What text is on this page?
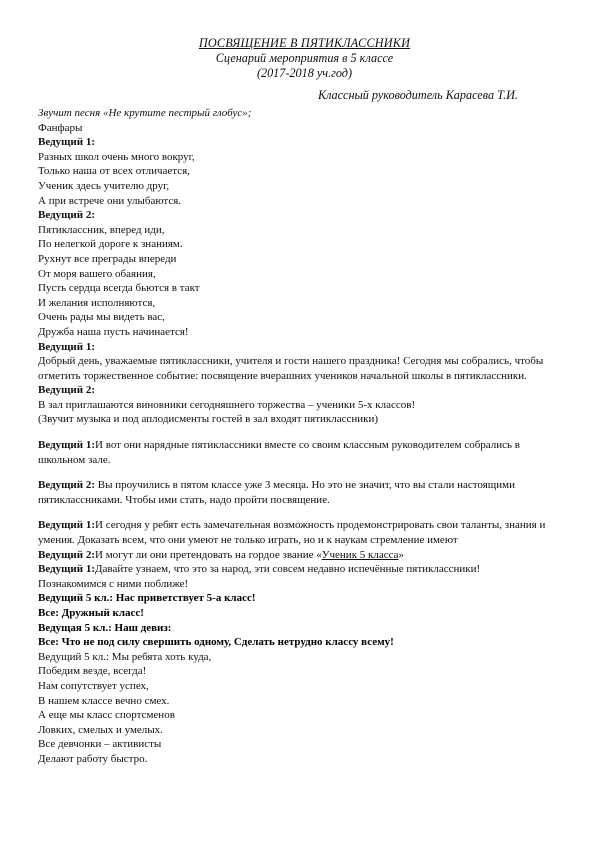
ПОСВЯЩЕНИЕ В ПЯТИКЛАССНИКИ
Сценарий мероприятия в 5 классе
(2017-2018 уч.год)
Классный руководитель Карасева Т.И.
Звучит песня «Не крутите пестрый глобус»;
Фанфары
Ведущий 1:
Разных школ очень много вокруг,
Только наша от всех отличается,
Ученик здесь учителю друг,
А при встрече они улыбаются.
Ведущий 2:
Пятиклассник, вперед иди,
По нелегкой дороге к знаниям.
Рухнут все преграды впереди
От моря вашего обаяния,
Пусть сердца всегда бьются в такт
И желания исполняются,
Очень рады мы видеть вас,
Дружба наша пусть начинается!
Ведущий 1:
Добрый день, уважаемые пятиклассники, учителя и гости нашего праздника! Сегодня мы собрались, чтобы отметить торжественное событие: посвящение вчерашних учеников начальной школы в пятиклассники.
Ведущий 2:
В зал приглашаются виновники сегодняшнего торжества – ученики 5-х классов!
(Звучит музыка и под аплодисменты гостей в зал входят пятиклассники)
Ведущий 1:И вот они нарядные пятиклассники вместе со своим классным руководителем собрались в школьном зале.
Ведущий 2: Вы проучились в пятом классе уже 3 месяца. Но это не значит, что вы стали настоящими пятиклассниками. Чтобы ими стать, надо пройти посвящение.
Ведущий 1:И сегодня у ребят есть замечательная возможность продемонстрировать свои таланты, знания и умения. Доказать всем, что они умеют не только играть, но и к наукам стремление имеют
Ведущий 2:И могут ли они претендовать на гордое звание «Ученик 5 класса»
Ведущий 1:Давайте узнаем, что это за народ, эти совсем недавно испечённые пятиклассники!
Познакомимся с ними поближе!
Ведущий 5 кл.: Нас приветствует 5-а класс!
Все: Дружный класс!
Ведущая 5 кл.: Наш девиз:
Все: Что не под силу свершить одному, Сделать нетрудно классу всему!
Ведущий 5 кл.: Мы ребята хоть куда,
Победим везде, всегда!
Нам сопутствует успех,
В нашем классе вечно смех.
А еще мы класс спортсменов
Ловких, смелых и умелых.
Все девчонки – активисты
Делают работу быстро.
